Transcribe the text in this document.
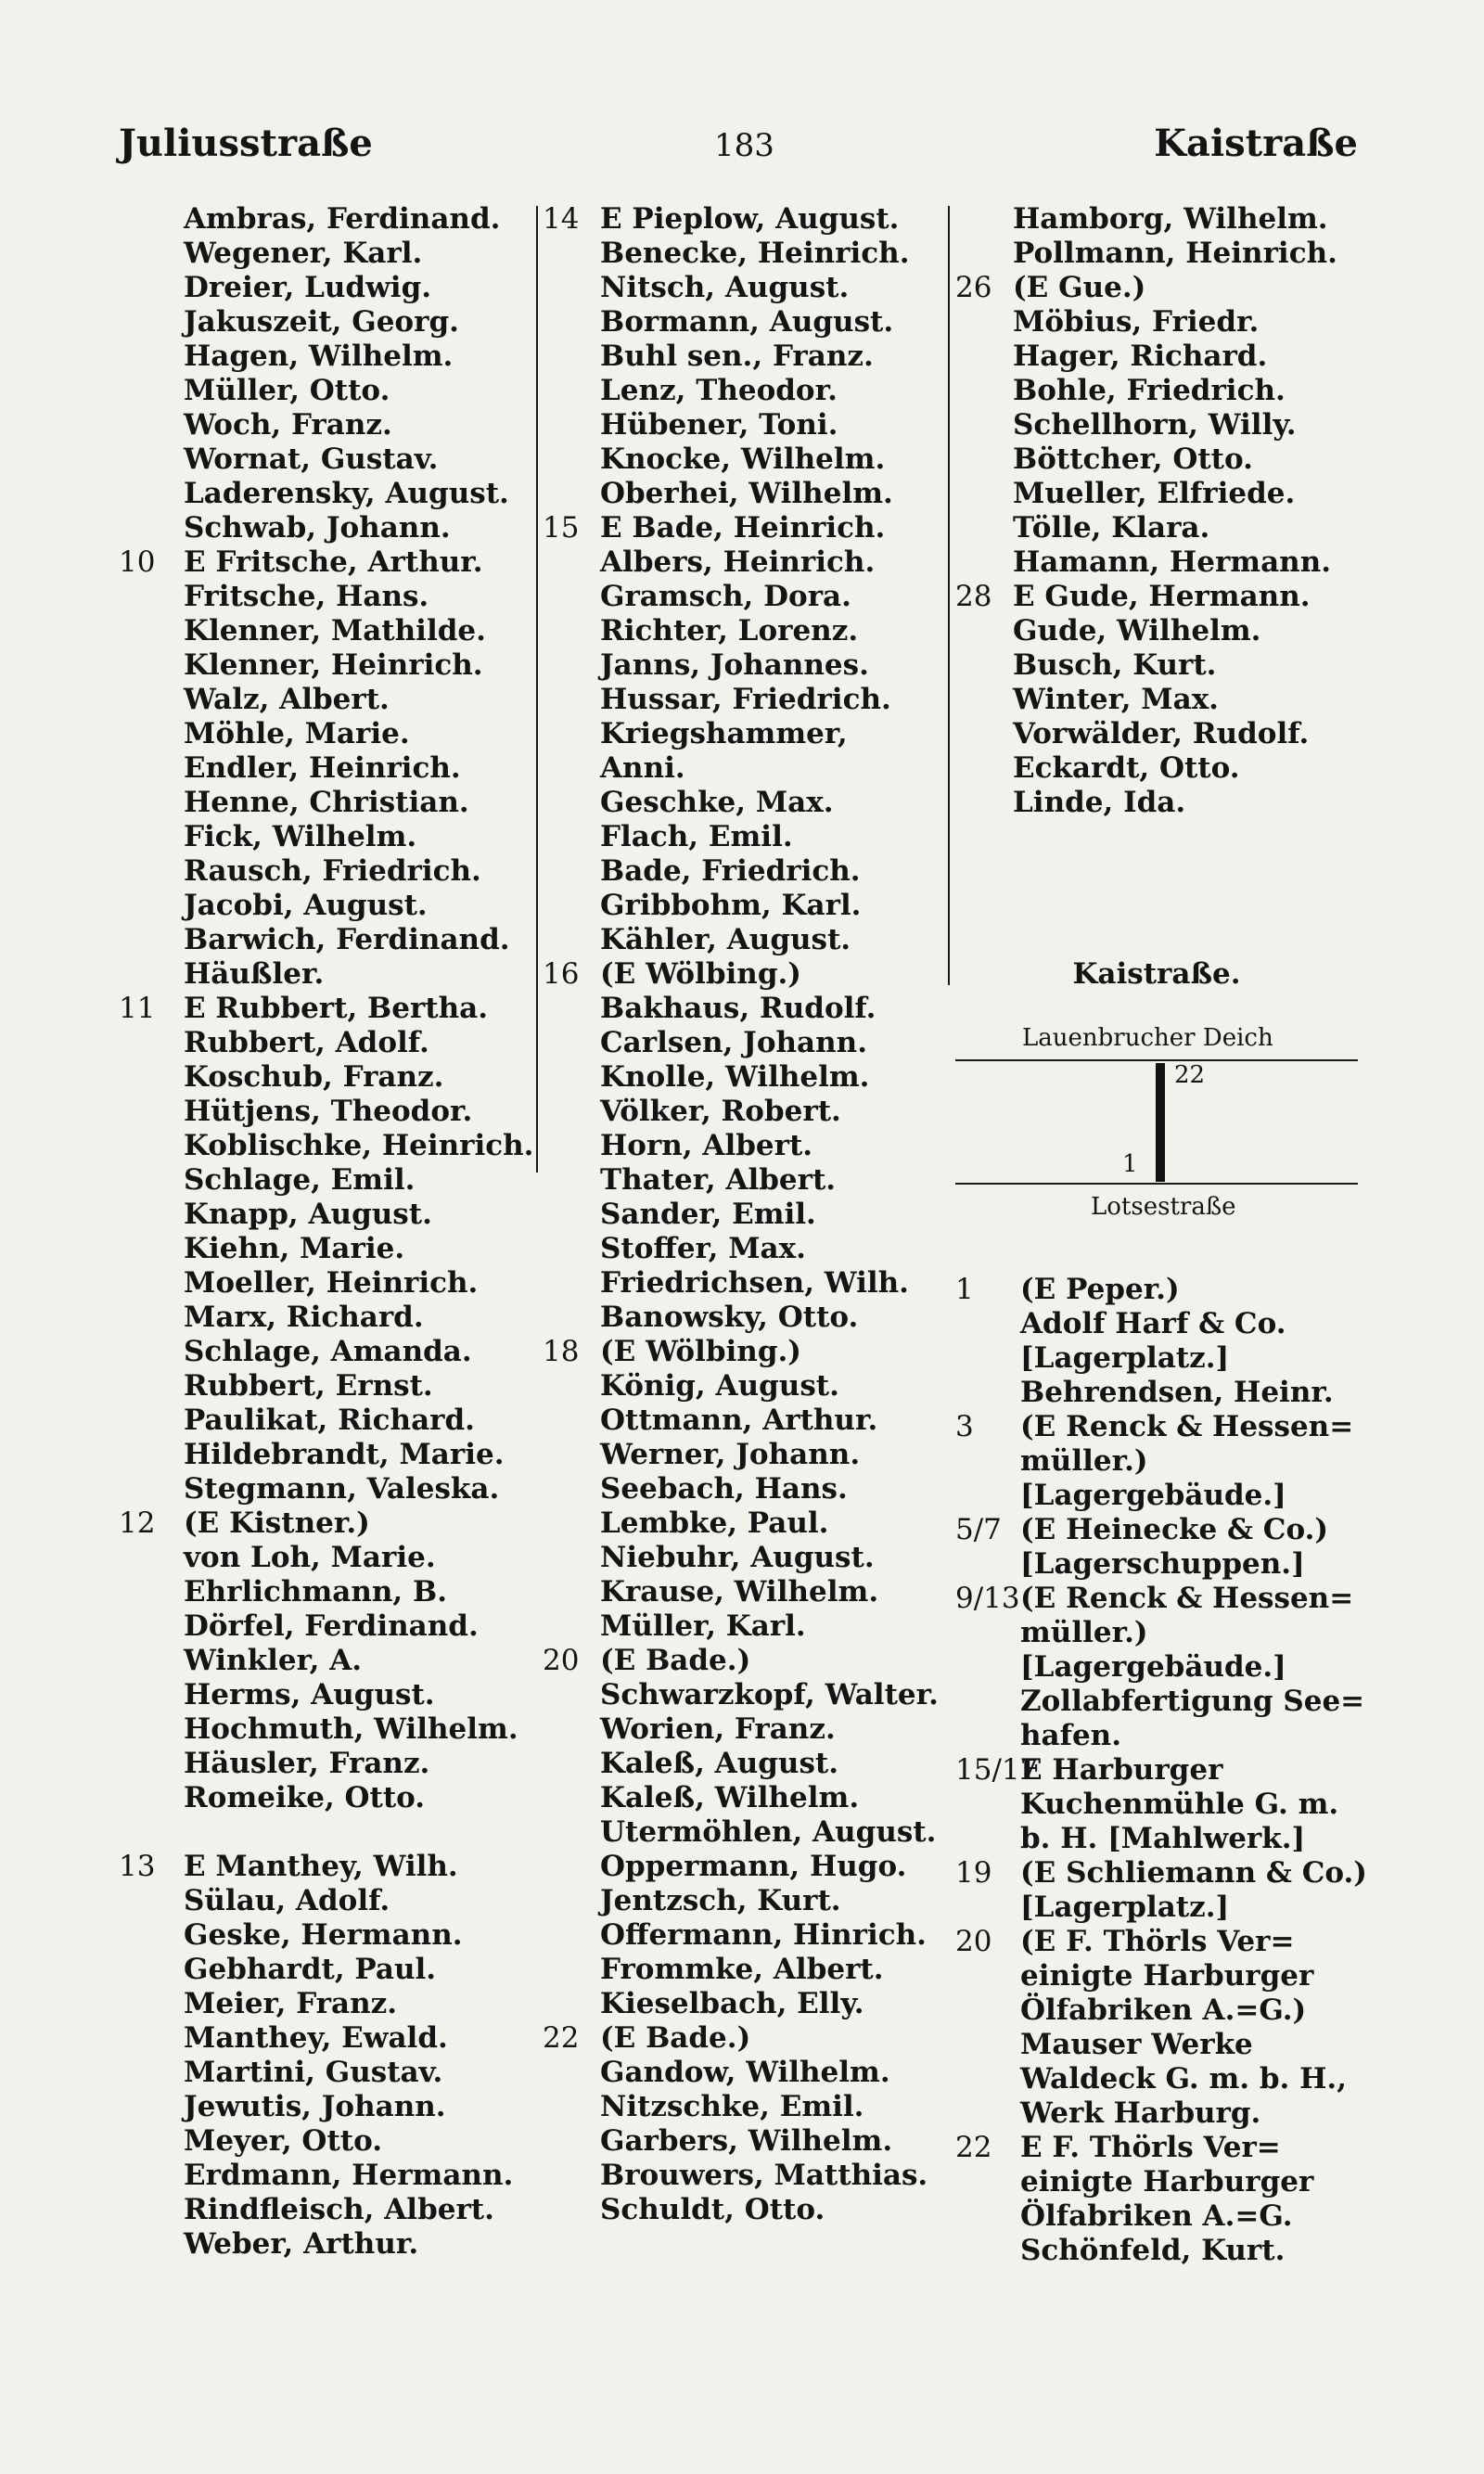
Juliusstraße	183	Kaistraße
Ambras, Ferdinand.
Wegener, Karl.
Dreier, Ludwig.
Jakuszeit, Georg.
Hagen, Wilhelm.
Müller, Otto.
Woch, Franz.
Wornat, Gustav.
Laderensky, August.
Schwab, Johann.
10 E Fritsche, Arthur.
Fritsche, Hans.
Klenner, Mathilde.
Klenner, Heinrich.
Walz, Albert.
Möhle, Marie.
Endler, Heinrich.
Henne, Christian.
Fick, Wilhelm.
Rausch, Friedrich.
Jacobi, August.
Barwich, Ferdinand.
Häußler.
11 E Rubbert, Bertha.
Rubbert, Adolf.
Koschub, Franz.
Hütjens, Theodor.
Koblischke, Heinrich.
Schlage, Emil.
Knapp, August.
Kiehn, Marie.
Moeller, Heinrich.
Marx, Richard.
Schlage, Amanda.
Rubbert, Ernst.
Paulikat, Richard.
Hildebrandt, Marie.
Stegmann, Valeska.
12 (E Kistner.)
von Loh, Marie.
Ehrlichmann, B.
Dörfel, Ferdinand.
Winkler, A.
Herms, August.
Hochmuth, Wilhelm.
Häusler, Franz.
Romeike, Otto.
13 E Manthey, Wilh.
Sülau, Adolf.
Geske, Hermann.
Gebhardt, Paul.
Meier, Franz.
Manthey, Ewald.
Martini, Gustav.
Jewutis, Johann.
Meyer, Otto.
Erdmann, Hermann.
Rindfleisch, Albert.
Weber, Arthur.
14 E Pieplow, August.
Benecke, Heinrich.
Nitsch, August.
Bormann, August.
Buhl sen., Franz.
Lenz, Theodor.
Hübener, Toni.
Knocke, Wilhelm.
Oberhei, Wilhelm.
15 E Bade, Heinrich.
Albers, Heinrich.
Gramsch, Dora.
Richter, Lorenz.
Janns, Johannes.
Hussar, Friedrich.
Kriegshammer,
Anni.
Geschke, Max.
Flach, Emil.
Bade, Friedrich.
Gribbohm, Karl.
Kähler, August.
16 (E Wölbing.)
Bakhaus, Rudolf.
Carlsen, Johann.
Knolle, Wilhelm.
Völker, Robert.
Horn, Albert.
Thater, Albert.
Sander, Emil.
Stoffer, Max.
Friedrichsen, Wilh.
Banowsky, Otto.
18 (E Wölbing.)
König, August.
Ottmann, Arthur.
Werner, Johann.
Seebach, Hans.
Lembke, Paul.
Niebuhr, August.
Krause, Wilhelm.
Müller, Karl.
20 (E Bade.)
Schwarzkopf, Walter.
Worien, Franz.
Kaleß, August.
Kaleß, Wilhelm.
Utermöhlen, August.
Oppermann, Hugo.
Jentzsch, Kurt.
Offermann, Hinrich.
Frommke, Albert.
Kieselbach, Elly.
22 (E Bade.)
Gandow, Wilhelm.
Nitzschke, Emil.
Garbers, Wilhelm.
Brouwers, Matthias.
Schuldt, Otto.
Hamborg, Wilhelm.
Pollmann, Heinrich.
26 (E Gue.)
Möbius, Friedr.
Hager, Richard.
Bohle, Friedrich.
Schellhorn, Willy.
Böttcher, Otto.
Mueller, Elfriede.
Tölle, Klara.
Hamann, Hermann.
28 E Gude, Hermann.
Gude, Wilhelm.
Busch, Kurt.
Winter, Max.
Vorwälder, Rudolf.
Eckardt, Otto.
Linde, Ida.
Kaistraße.
Lauenbrucher Deich
22
1
Lotsestraße
1 (E Peper.)
Adolf Harf & Co.
[Lagerplatz.]
Behrendsen, Heinr.
3 (E Renck & Hessen=
müller.)
[Lagergebäude.]
5/7 (E Heinecke & Co.)
[Lagerschuppen.]
9/13 (E Renck & Hessen=
müller.)
[Lagergebäude.]
Zollabfertigung See=
hafen.
15/17
E Harburger
Kuchenmühle G. m.
b. H. [Mahlwerk.]
19 (E Schliemann & Co.)
[Lagerplatz.]
20 (E F. Thörls Ver=
einigte Harburger
Ölfabriken A.=G.)
Mauser Werke
Waldeck G. m. b. H.,
Werk Harburg.
22 E F. Thörls Ver=
einigte Harburger
Ölfabriken A.=G.
Schönfeld, Kurt.
